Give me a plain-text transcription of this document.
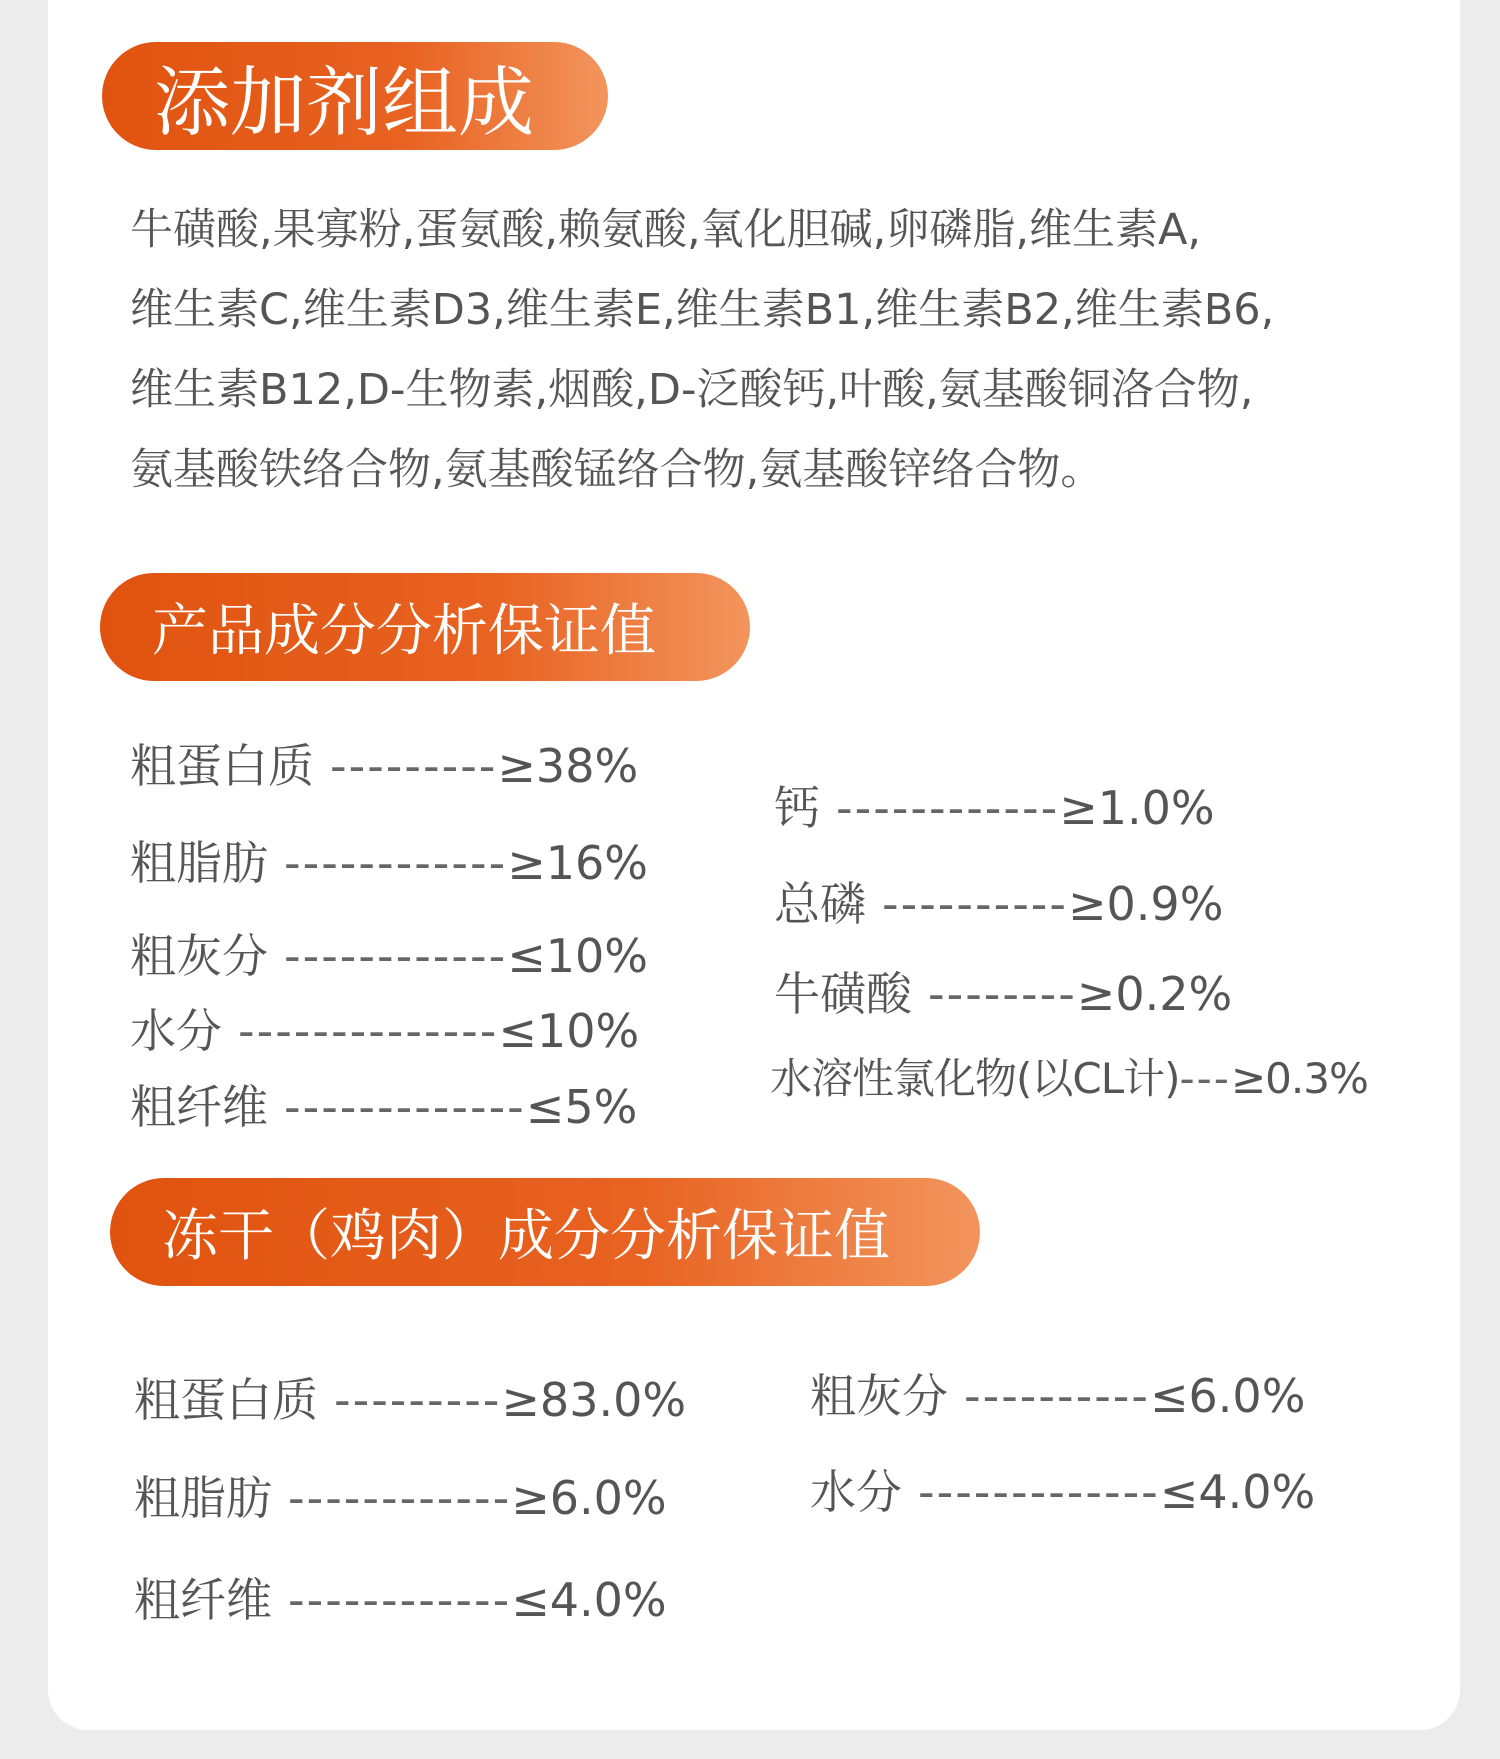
添加剂组成
牛磺酸,果寡粉,蛋氨酸,赖氨酸,氧化胆碱,卵磷脂,维生素A,
维生素C,维生素D3,维生素E,维生素B1,维生素B2,维生素B6,
维生素B12,D-生物素,烟酸,D-泛酸钙,叶酸,氨基酸铜洛合物,
氨基酸铁络合物,氨基酸锰络合物,氨基酸锌络合物。
产品成分分析保证值
粗蛋白质 ---------≥38%
粗脂肪 ------------≥16%
粗灰分 ------------≤10%
水分 --------------≤10%
粗纤维 -------------≤5%
钙 ------------≥1.0%
总磷 ----------≥0.9%
牛磺酸 --------≥0.2%
水溶性氯化物(以CL计)---≥0.3%
冻干（鸡肉）成分分析保证值
粗蛋白质 ---------≥83.0%
粗脂肪 ------------≥6.0%
粗纤维 ------------≤4.0%
粗灰分 ----------≤6.0%
水分 -------------≤4.0%
